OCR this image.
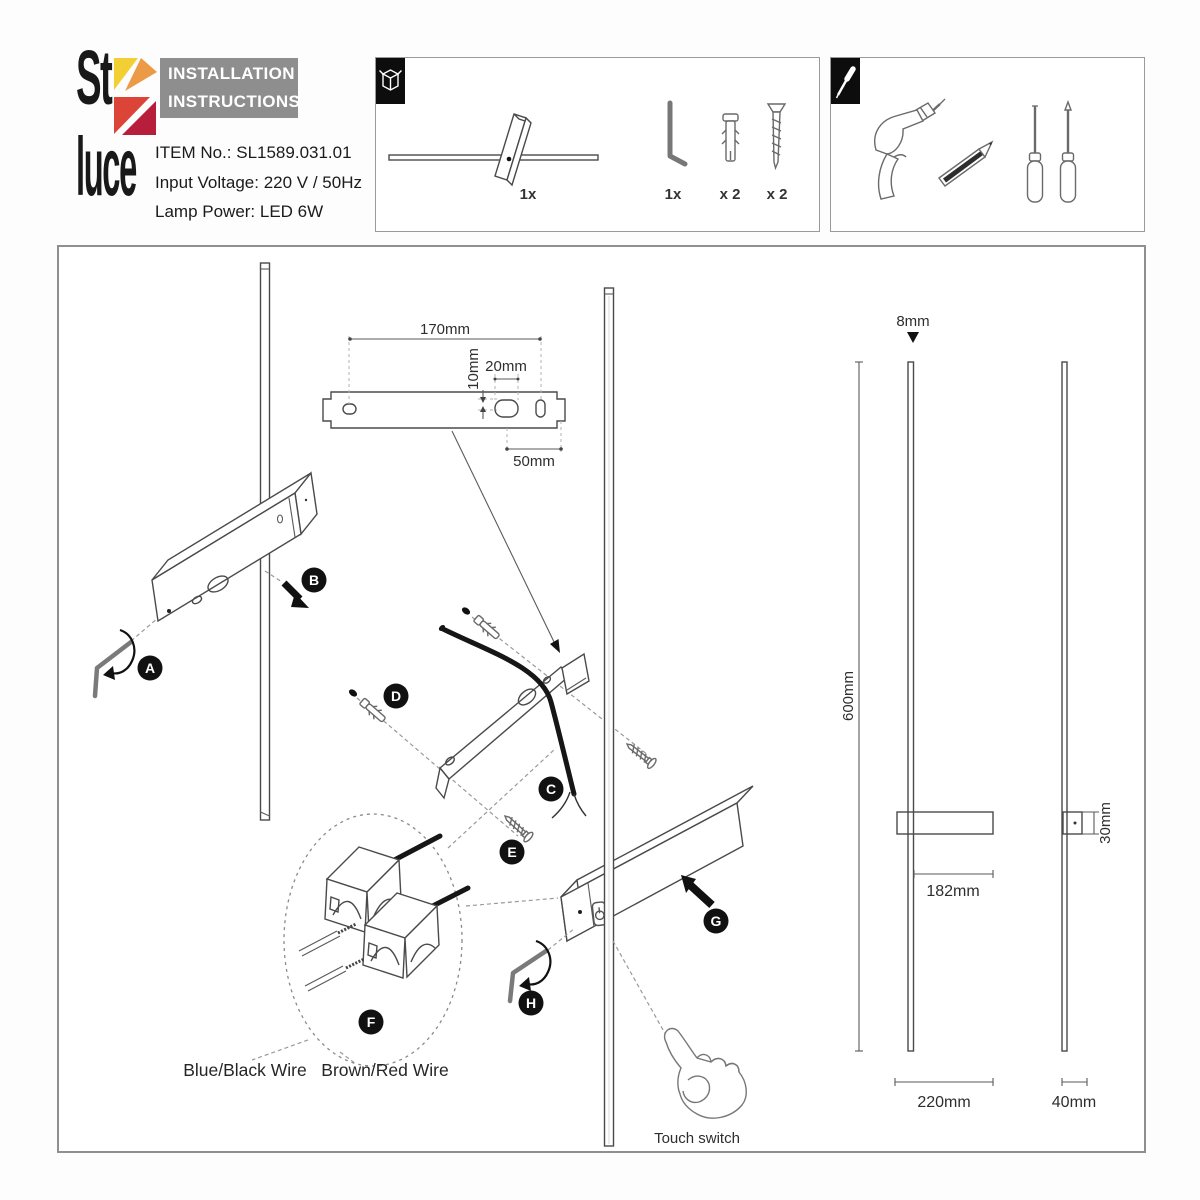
St
luce
INSTALLATION
INSTRUCTIONS
ITEM No.: SL1589.031.01
Input Voltage: 220 V / 50Hz
Lamp Power: LED 6W
1x	1x	x 2 x 2
A
B
170mm
10mm 20mm
50mm
C
D
E
F
Blue/Black Wire Brown/Red Wire
G
H
Touch switch
8mm
600mm
182mm
220mm
30mm
40mm
